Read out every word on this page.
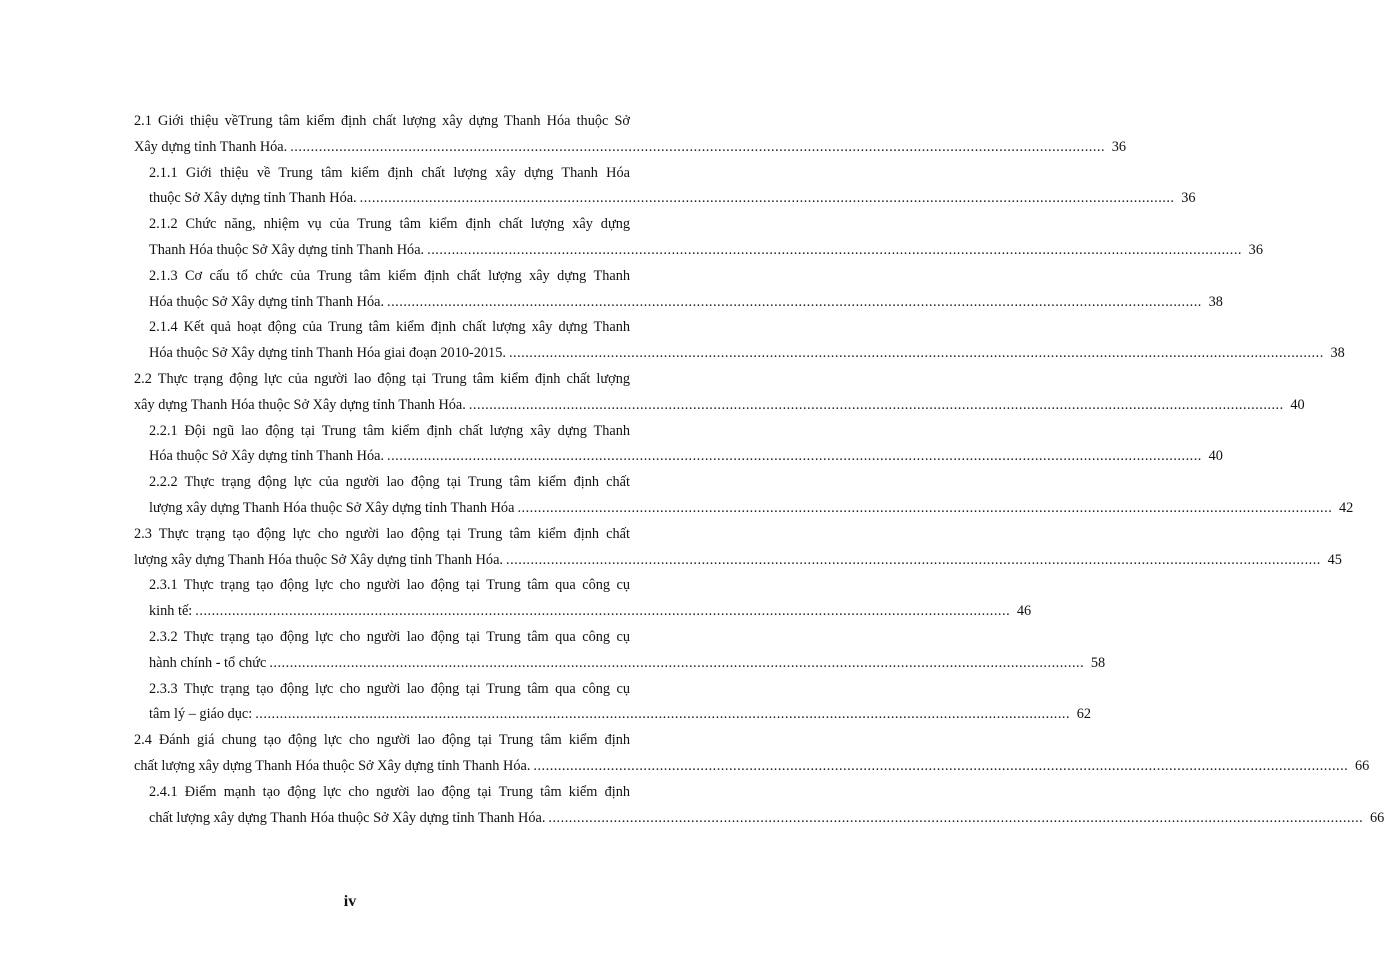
2.1 Giới thiệu vềTrung tâm kiểm định chất lượng xây dựng Thanh Hóa thuộc Sở
Xây dựng tỉnh Thanh Hóa. ........................................................................................................................................................................................................ 36
2.1.1 Giới thiệu về Trung tâm kiểm định chất lượng xây dựng Thanh Hóa
thuộc Sở Xây dựng tỉnh Thanh Hóa. ........................................................................................................................................................................................................ 36
2.1.2 Chức năng, nhiệm vụ của Trung tâm kiểm định chất lượng xây dựng
Thanh Hóa thuộc Sở Xây dựng tỉnh Thanh Hóa. ........................................................................................................................................................................................................ 36
2.1.3 Cơ cấu tổ chức của Trung tâm kiểm định chất lượng xây dựng Thanh
Hóa thuộc Sở Xây dựng tỉnh Thanh Hóa. ........................................................................................................................................................................................................ 38
2.1.4 Kết quả hoạt động của Trung tâm kiểm định chất lượng xây dựng Thanh
Hóa thuộc Sở Xây dựng tỉnh Thanh Hóa giai đoạn 2010-2015. ........................................................................................................................................................................................................ 38
2.2 Thực trạng động lực của người lao động tại Trung tâm kiểm định chất lượng
xây dựng Thanh Hóa thuộc Sở Xây dựng tỉnh Thanh Hóa. ........................................................................................................................................................................................................ 40
2.2.1 Đội ngũ lao động tại Trung tâm kiểm định chất lượng xây dựng Thanh
Hóa thuộc Sở Xây dựng tỉnh Thanh Hóa. ........................................................................................................................................................................................................ 40
2.2.2 Thực trạng động lực của người lao động tại Trung tâm kiểm định chất
lượng xây dựng Thanh Hóa thuộc Sở Xây dựng tỉnh Thanh Hóa ........................................................................................................................................................................................................ 42
2.3 Thực trạng tạo động lực cho người lao động tại Trung tâm kiểm định chất
lượng xây dựng Thanh Hóa thuộc Sở Xây dựng tỉnh Thanh Hóa. ........................................................................................................................................................................................................ 45
2.3.1 Thực trạng tạo động lực cho người lao động tại Trung tâm qua công cụ
kinh tế: ........................................................................................................................................................................................................ 46
2.3.2 Thực trạng tạo động lực cho người lao động tại Trung tâm qua công cụ
hành chính - tổ chức ........................................................................................................................................................................................................ 58
2.3.3 Thực trạng tạo động lực cho người lao động tại Trung tâm qua công cụ
tâm lý – giáo dục: ........................................................................................................................................................................................................ 62
2.4 Đánh giá chung tạo động lực cho người lao động tại Trung tâm kiểm định
chất lượng xây dựng Thanh Hóa thuộc Sở Xây dựng tỉnh Thanh Hóa. ........................................................................................................................................................................................................ 66
2.4.1 Điểm mạnh tạo động lực cho người lao động tại Trung tâm kiểm định
chất lượng xây dựng Thanh Hóa thuộc Sở Xây dựng tỉnh Thanh Hóa. ........................................................................................................................................................................................................ 66
iv
